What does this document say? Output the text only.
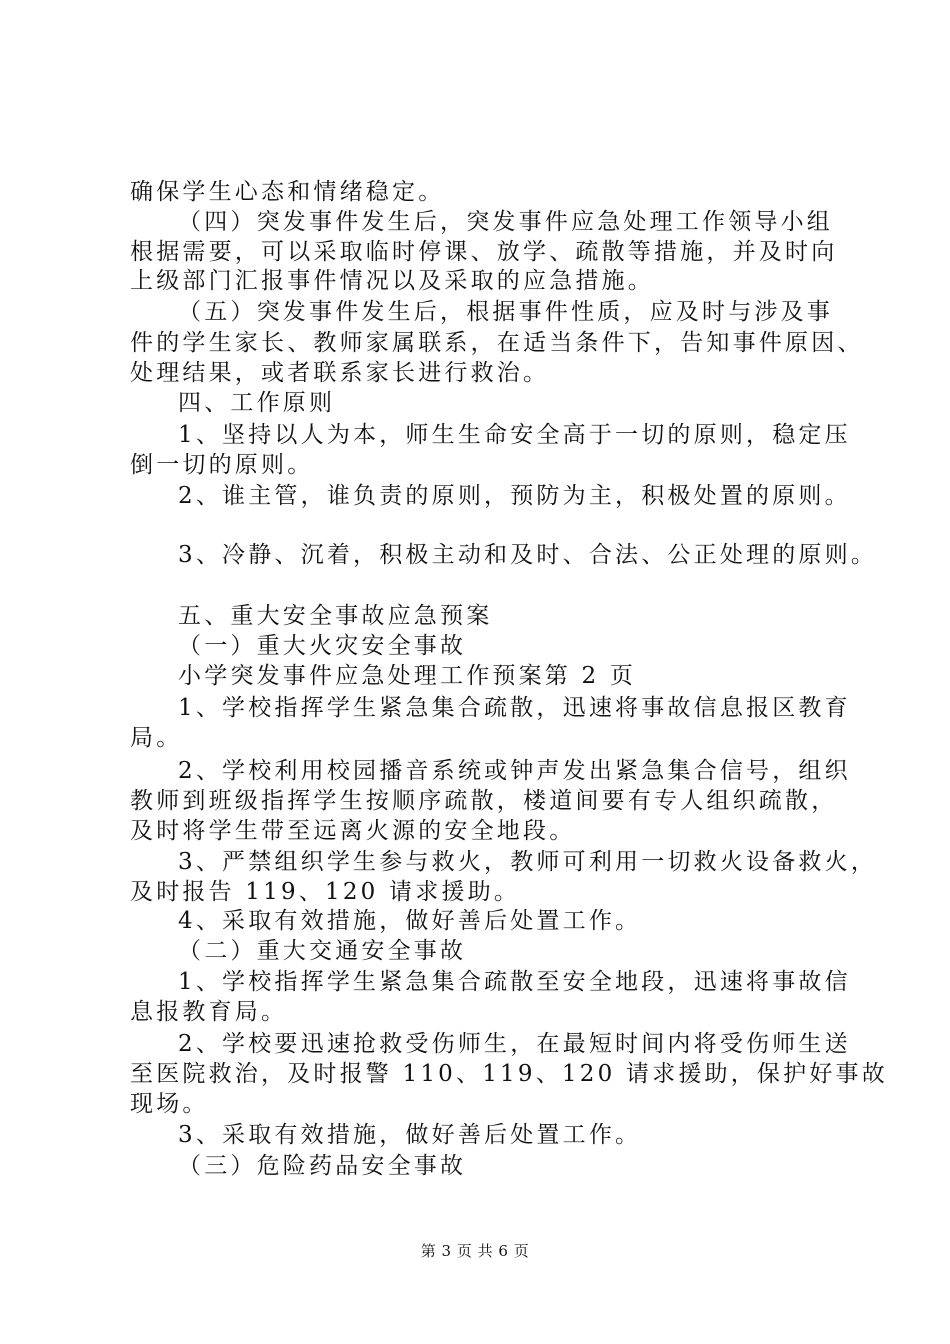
确保学生心态和情绪稳定。
（四）突发事件发生后，突发事件应急处理工作领导小组
根据需要，可以采取临时停课、放学、疏散等措施，并及时向
上级部门汇报事件情况以及采取的应急措施。
（五）突发事件发生后，根据事件性质，应及时与涉及事
件的学生家长、教师家属联系，在适当条件下，告知事件原因、
处理结果，或者联系家长进行救治。
四、工作原则
1、坚持以人为本，师生生命安全高于一切的原则，稳定压
倒一切的原则。
2、谁主管，谁负责的原则，预防为主，积极处置的原则。
3、冷静、沉着，积极主动和及时、合法、公正处理的原则。
五、重大安全事故应急预案
（一）重大火灾安全事故
小学突发事件应急处理工作预案第 2 页
1、学校指挥学生紧急集合疏散，迅速将事故信息报区教育
局。
2、学校利用校园播音系统或钟声发出紧急集合信号，组织
教师到班级指挥学生按顺序疏散，楼道间要有专人组织疏散，
及时将学生带至远离火源的安全地段。
3、严禁组织学生参与救火，教师可利用一切救火设备救火，
及时报告 119、120 请求援助。
4、采取有效措施，做好善后处置工作。
（二）重大交通安全事故
1、学校指挥学生紧急集合疏散至安全地段，迅速将事故信
息报教育局。
2、学校要迅速抢救受伤师生，在最短时间内将受伤师生送
至医院救治，及时报警 110、119、120 请求援助，保护好事故
现场。
3、采取有效措施，做好善后处置工作。
（三）危险药品安全事故
第 3 页 共 6 页
